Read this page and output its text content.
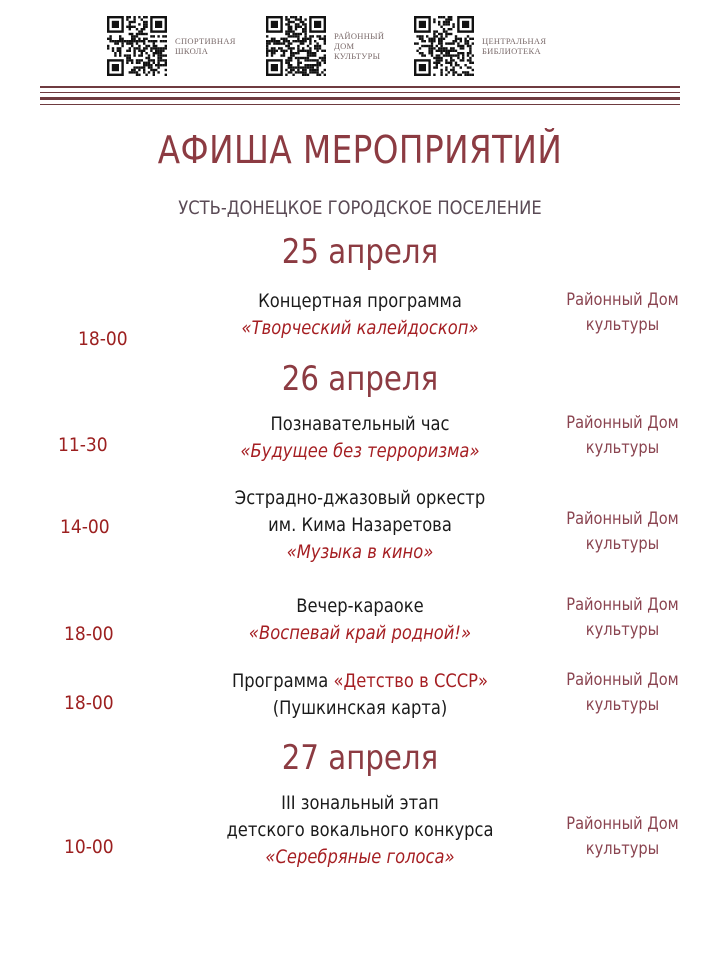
СПОРТИВНАЯ
ШКОЛА
РАЙОННЫЙ
ДОМ
КУЛЬТУРЫ
ЦЕНТРАЛЬНАЯ
БИБЛИОТЕКА
АФИША МЕРОПРИЯТИЙ
УСТЬ-ДОНЕЦКОЕ ГОРОДСКОЕ ПОСЕЛЕНИЕ
25 апреля
18-00
Концертная программа
«Творческий калейдоскоп»
Районный Дом
культуры
26 апреля
11-30
Познавательный час
«Будущее без терроризма»
Районный Дом
культуры
14-00
Эстрадно-джазовый оркестр
им. Кима Назаретова
«Музыка в кино»
Районный Дом
культуры
18-00
Вечер-караоке
«Воспевай край родной!»
Районный Дом
культуры
18-00
Программа «Детство в СССР»
(Пушкинская карта)
Районный Дом
культуры
27 апреля
10-00
III зональный этап
детского вокального конкурса
«Серебряные голоса»
Районный Дом
культуры
